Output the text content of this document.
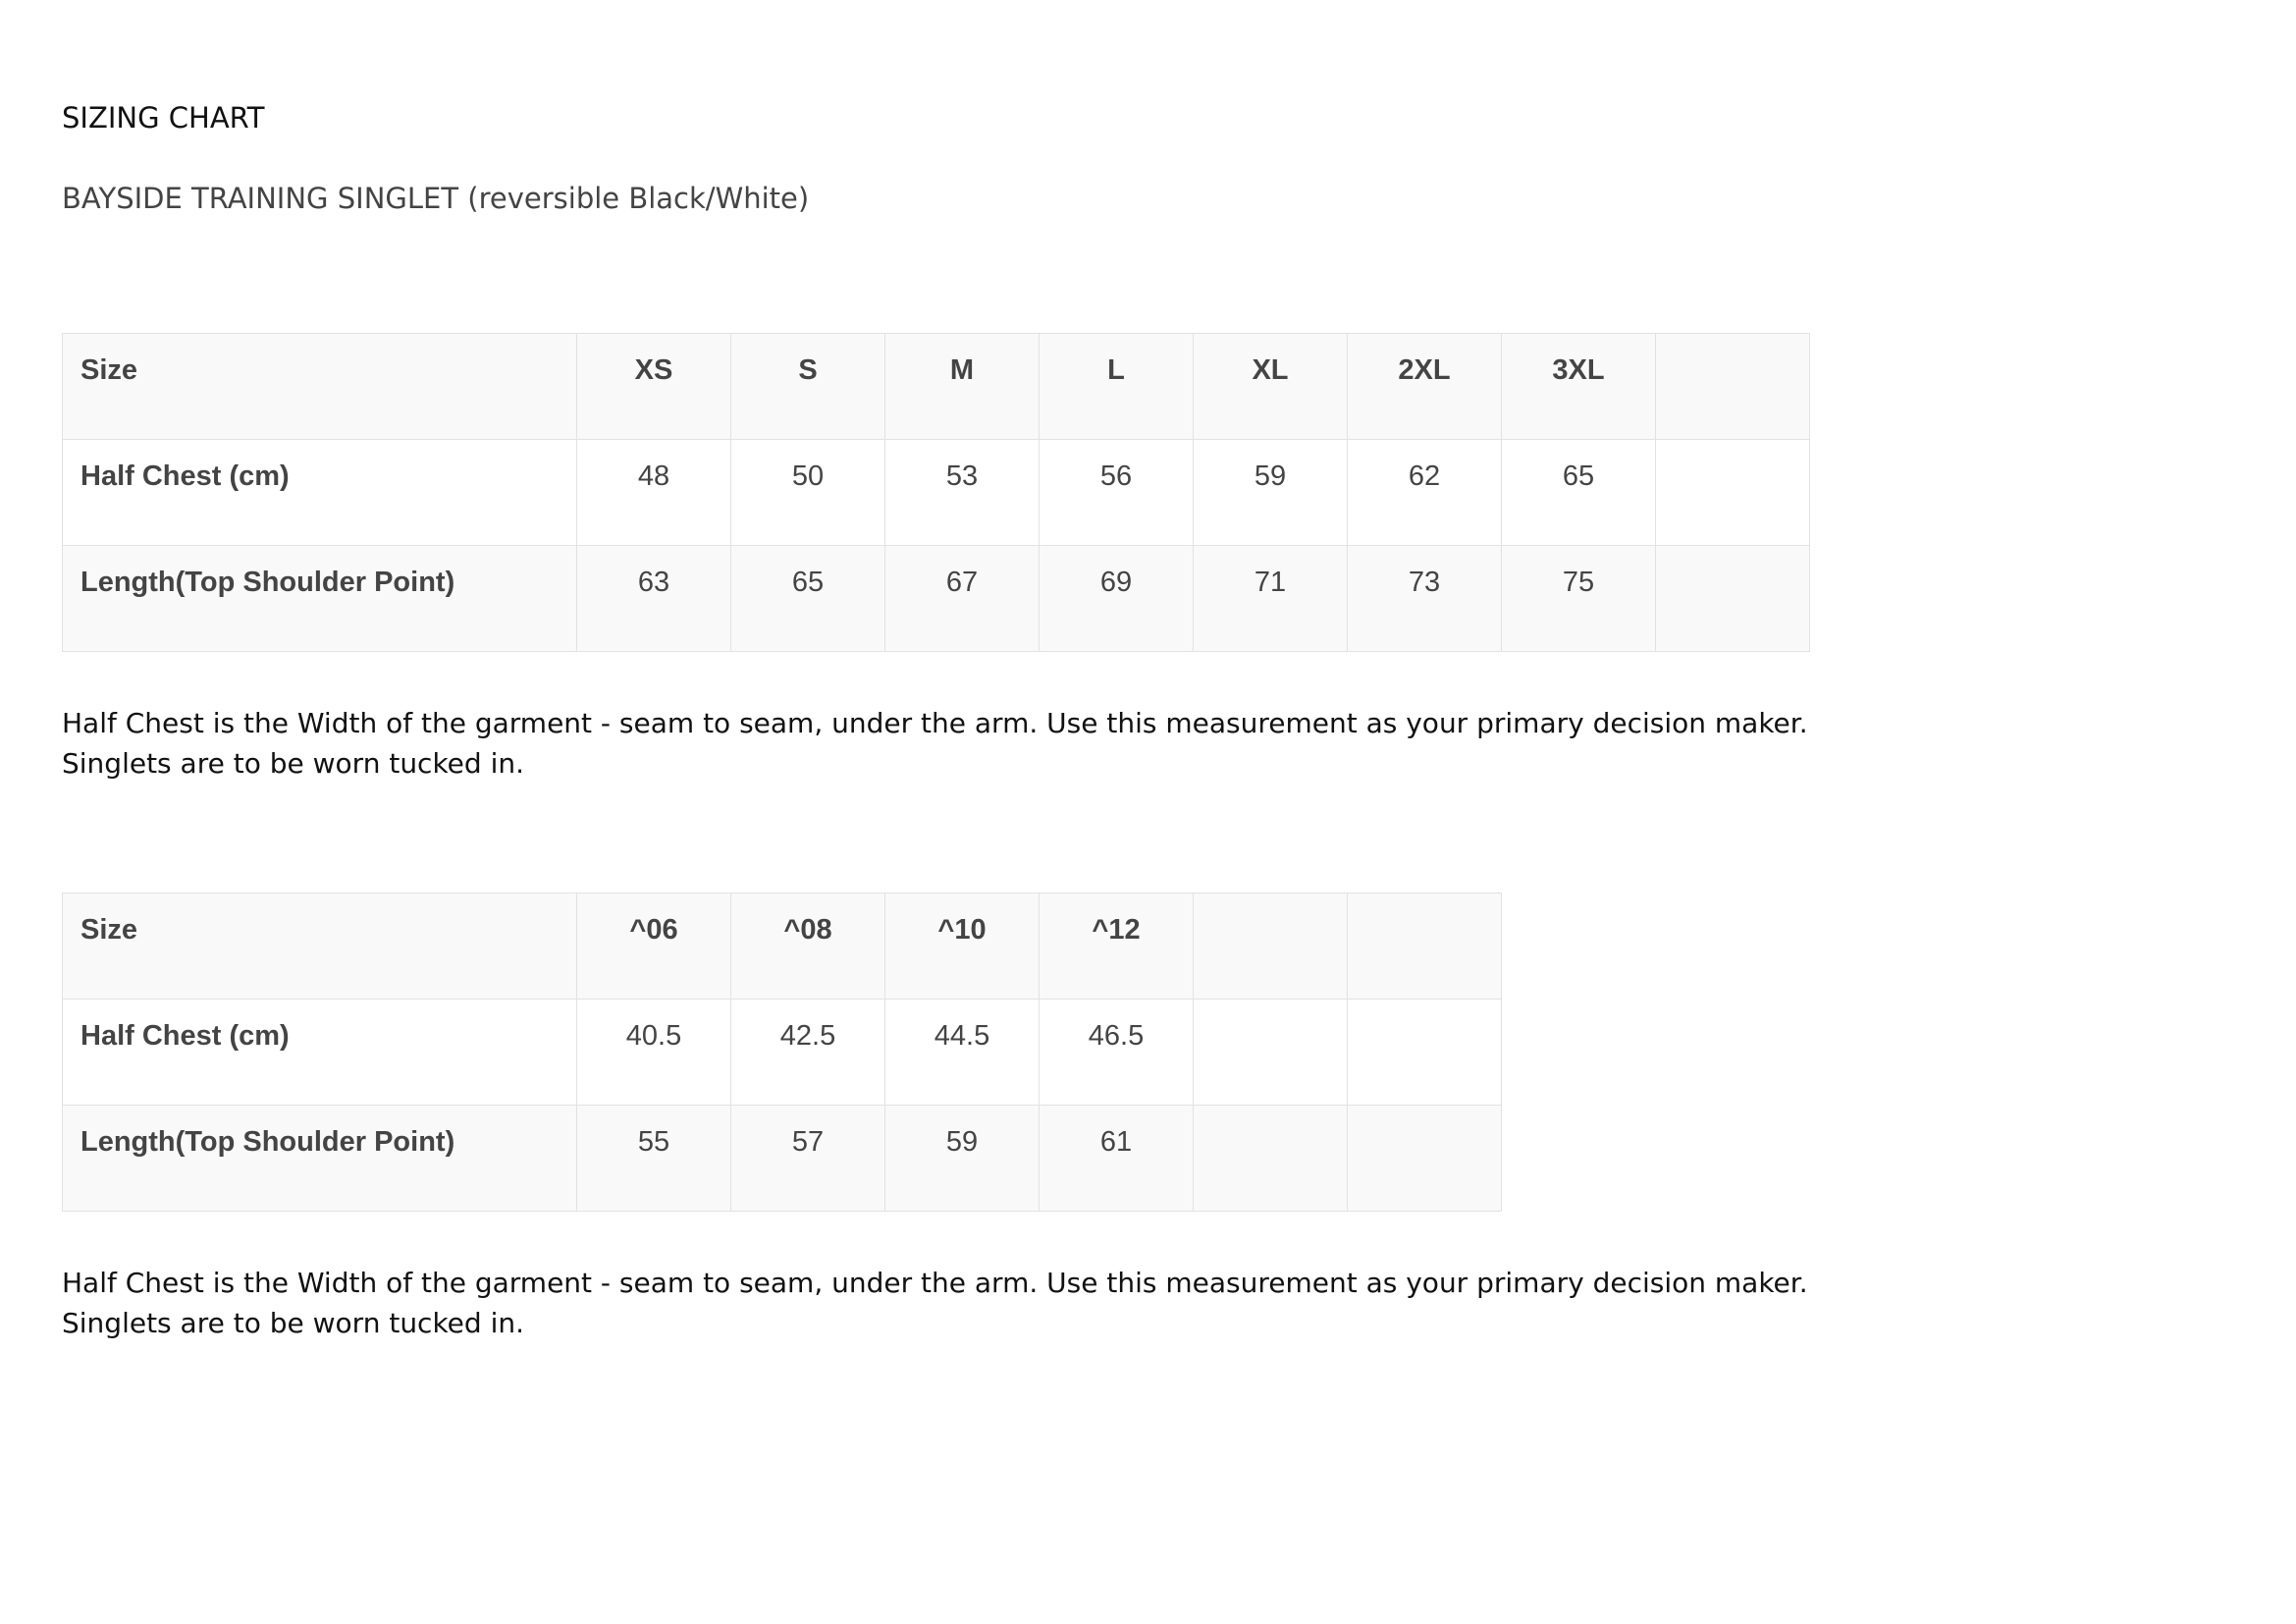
SIZING CHART
BAYSIDE TRAINING SINGLET (reversible Black/White)
Size	XS	S	M	L	XL	2XL	3XL	

Half Chest (cm)	48	50	53	56	59	62	65	

Length(Top Shoulder Point)	63	65	67	69	71	73	75	

Half Chest is the Width of the garment - seam to seam, under the arm. Use this measurement as your primary decision maker.
Singlets are to be worn tucked in.
Size	^06	^08	^10	^12		

Half Chest (cm)	40.5	42.5	44.5	46.5		

Length(Top Shoulder Point)	55	57	59	61		

Half Chest is the Width of the garment - seam to seam, under the arm. Use this measurement as your primary decision maker.
Singlets are to be worn tucked in.
